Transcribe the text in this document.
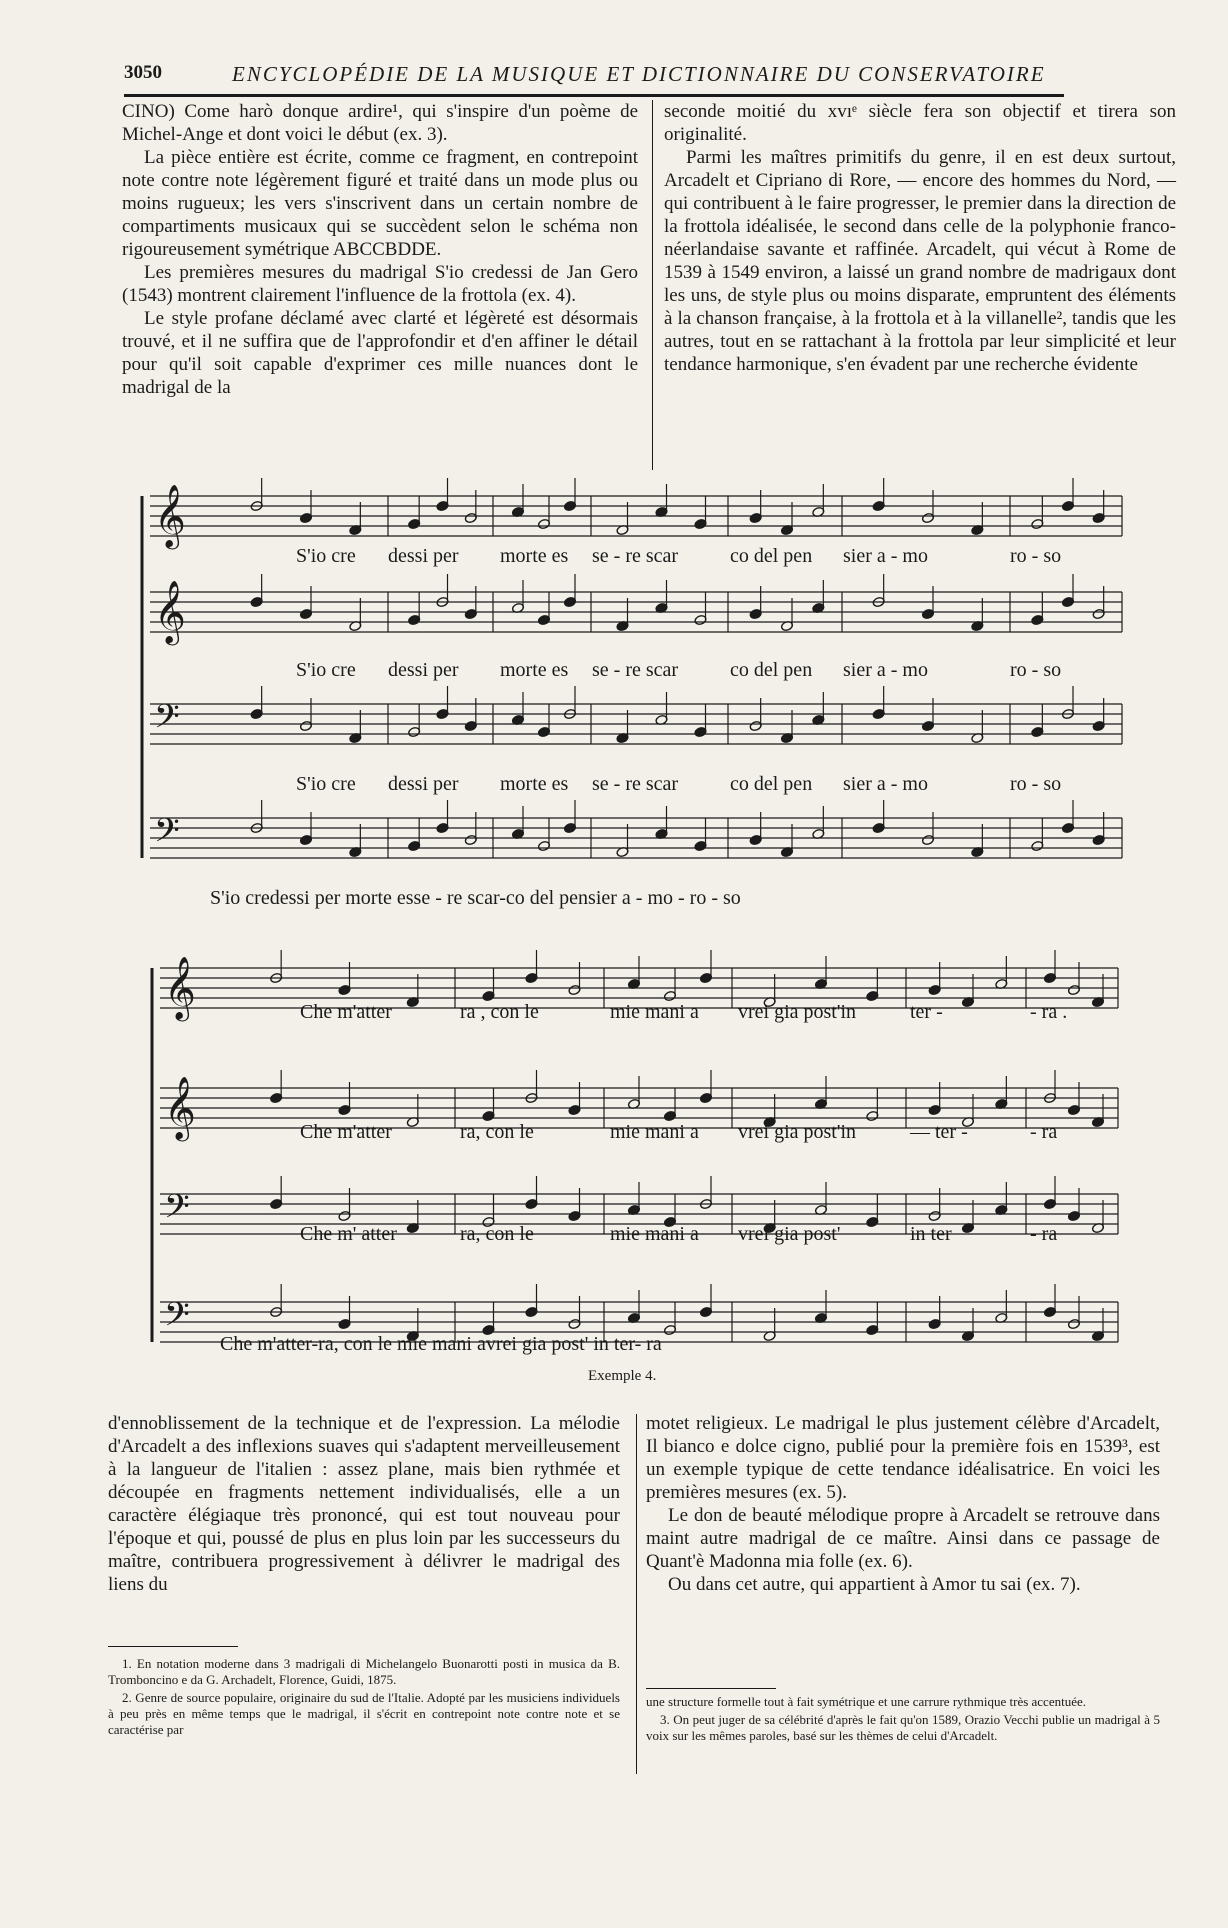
3050	ENCYCLOPÉDIE DE LA MUSIQUE ET DICTIONNAIRE DU CONSERVATOIRE

CINO) Come harò donque ardire¹, qui s'inspire d'un poème de Michel-Ange et dont voici le début (ex. 3).

La pièce entière est écrite, comme ce fragment, en contrepoint note contre note légèrement figuré et traité dans un mode plus ou moins rugueux; les vers s'inscrivent dans un certain nombre de compartiments musicaux qui se succèdent selon le schéma non rigoureusement symétrique ABCCBDDE.

Les premières mesures du madrigal S'io credessi de Jan Gero (1543) montrent clairement l'influence de la frottola (ex. 4).

Le style profane déclamé avec clarté et légèreté est désormais trouvé, et il ne suffira que de l'approfondir et d'en affiner le détail pour qu'il soit capable d'exprimer ces mille nuances dont le madrigal de la

seconde moitié du xvıᵉ siècle fera son objectif et tirera son originalité.

Parmi les maîtres primitifs du genre, il en est deux surtout, Arcadelt et Cipriano di Rore, — encore des hommes du Nord, — qui contribuent à le faire progresser, le premier dans la direction de la frottola idéalisée, le second dans celle de la polyphonie franco-néerlandaise savante et raffinée. Arcadelt, qui vécut à Rome de 1539 à 1549 environ, a laissé un grand nombre de madrigaux dont les uns, de style plus ou moins disparate, empruntent des éléments à la chanson française, à la frottola et à la villanelle², tandis que les autres, tout en se rattachant à la frottola par leur simplicité et leur tendance harmonique, s'en évadent par une recherche évidente

𝄞
S'io cre dessi per morte es se - re scar	co del pen sier a - mo	ro - so
𝄞
S'io cre dessi per morte es se - re scar	co del pen sier a - mo	ro - so
𝄢
S'io cre dessi per morte es se - re scar	co del pen sier a - mo	ro - so
𝄢
S'io credessi per morte esse - re scar-co del pensier a - mo - ro - so
𝄞	Che m'atter	ra , con le	mie mani a vrei gia post'in	ter -	- ra .
𝄞	Che m'atter	ra, con le	mie mani a vrei gia post'in	— ter -	- ra
𝄢	Che m' atter	ra, con le	mie mani a vrei gia post'	in ter	- ra
𝄢
Che m'atter-ra, con le mie mani avrei gia post' in ter- ra
Exemple 4.

d'ennoblissement de la technique et de l'expression. La mélodie d'Arcadelt a des inflexions suaves qui s'adaptent merveilleusement à la langueur de l'italien : assez plane, mais bien rythmée et découpée en fragments nettement individualisés, elle a un caractère élégiaque très prononcé, qui est tout nouveau pour l'époque et qui, poussé de plus en plus loin par les successeurs du maître, contribuera progressivement à délivrer le madrigal des liens du

motet religieux. Le madrigal le plus justement célèbre d'Arcadelt, Il bianco e dolce cigno, publié pour la première fois en 1539³, est un exemple typique de cette tendance idéalisatrice. En voici les premières mesures (ex. 5).

Le don de beauté mélodique propre à Arcadelt se retrouve dans maint autre madrigal de ce maître. Ainsi dans ce passage de Quant'è Madonna mia folle (ex. 6).

Ou dans cet autre, qui appartient à Amor tu sai (ex. 7).

1. En notation moderne dans 3 madrigali di Michelangelo Buonarotti posti in musica da B. Tromboncino e da G. Archadelt, Florence, Guidi, 1875.

2. Genre de source populaire, originaire du sud de l'Italie. Adopté par les musiciens individuels à peu près en même temps que le madrigal, il s'écrit en contrepoint note contre note et se caractérise par

une structure formelle tout à fait symétrique et une carrure rythmique très accentuée.

3. On peut juger de sa célébrité d'après le fait qu'on 1589, Orazio Vecchi publie un madrigal à 5 voix sur les mêmes paroles, basé sur les thèmes de celui d'Arcadelt.
